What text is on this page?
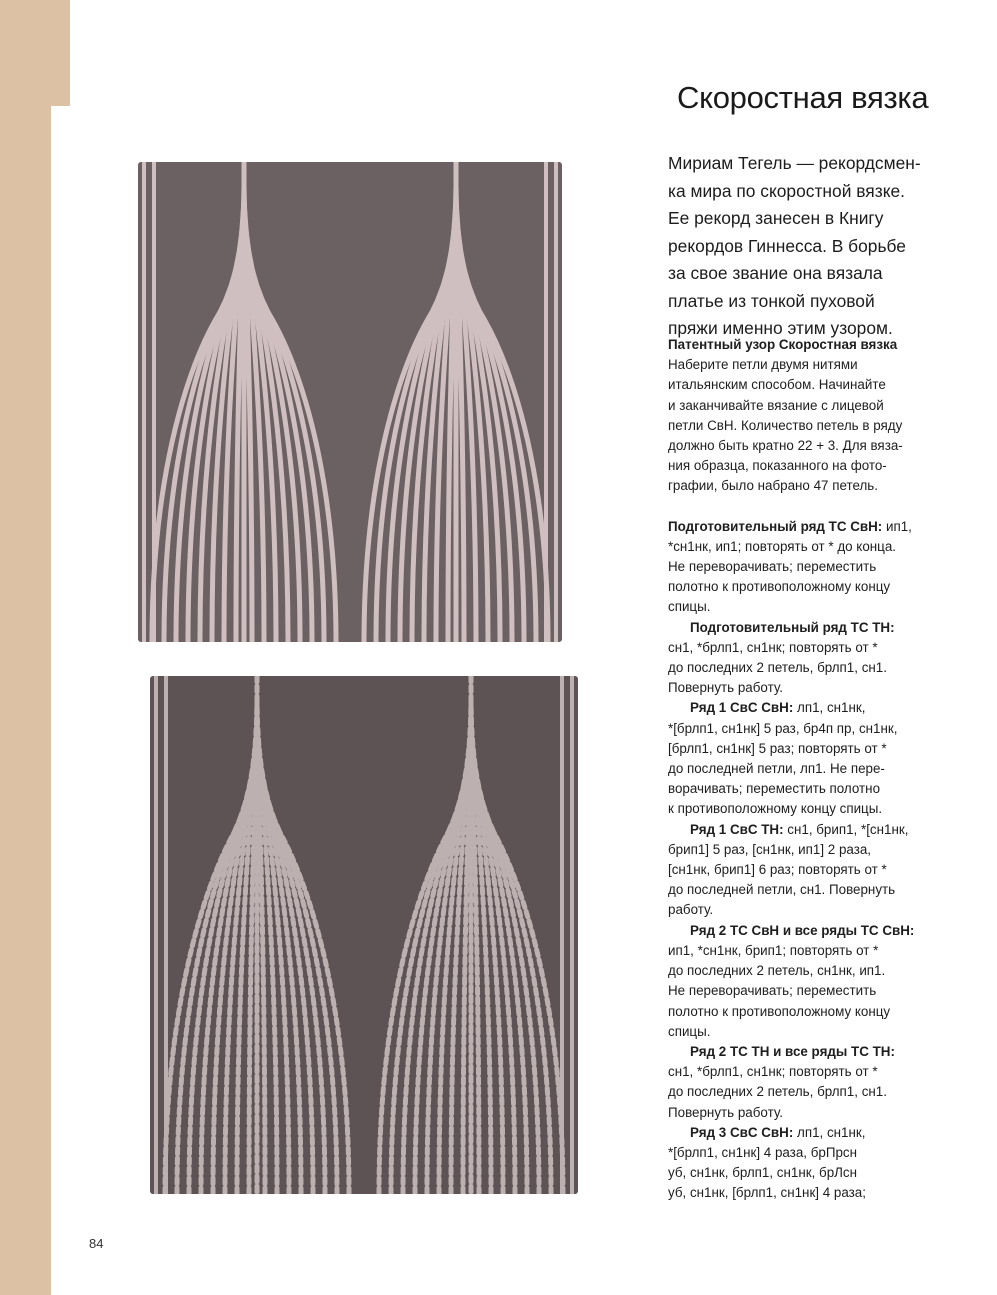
Скоростная вязка
Мириам Тегель — рекордсмен-
ка мира по скоростной вязке.
Ее рекорд занесен в Книгу
рекордов Гиннесса. В борьбе
за свое звание она вязала
платье из тонкой пуховой
пряжи именно этим узором.
Патентный узор Скоростная вязка
Наберите петли двумя нитями
итальянским способом. Начинайте
и заканчивайте вязание с лицевой
петли СвН. Количество петель в ряду
должно быть кратно 22 + 3. Для вяза-
ния образца, показанного на фото-
графии, было набрано 47 петель.
Подготовительный ряд ТС СвН: ип1,
*сн1нк, ип1; повторять от * до конца.
Не переворачивать; переместить
полотно к противоположному концу
спицы.
Подготовительный ряд ТС ТН:
сн1, *брлп1, сн1нк; повторять от *
до последних 2 петель, брлп1, сн1.
Повернуть работу.
Ряд 1 СвС СвН: лп1, сн1нк,
*[брлп1, сн1нк] 5 раз, бр4п пр, сн1нк,
[брлп1, сн1нк] 5 раз; повторять от *
до последней петли, лп1. Не пере-
ворачивать; переместить полотно
к противоположному концу спицы.
Ряд 1 СвС ТН: сн1, брип1, *[сн1нк,
брип1] 5 раз, [сн1нк, ип1] 2 раза,
[сн1нк, брип1] 6 раз; повторять от *
до последней петли, сн1. Повернуть
работу.
Ряд 2 ТС СвН и все ряды ТС СвН:
ип1, *сн1нк, брип1; повторять от *
до последних 2 петель, сн1нк, ип1.
Не переворачивать; переместить
полотно к противоположному концу
спицы.
Ряд 2 ТС ТН и все ряды ТС ТН:
сн1, *брлп1, сн1нк; повторять от *
до последних 2 петель, брлп1, сн1.
Повернуть работу.
Ряд 3 СвС СвН: лп1, сн1нк,
*[брлп1, сн1нк] 4 раза, брПрсн
уб, сн1нк, брлп1, сн1нк, брЛсн
уб, сн1нк, [брлп1, сн1нк] 4 раза;
84
